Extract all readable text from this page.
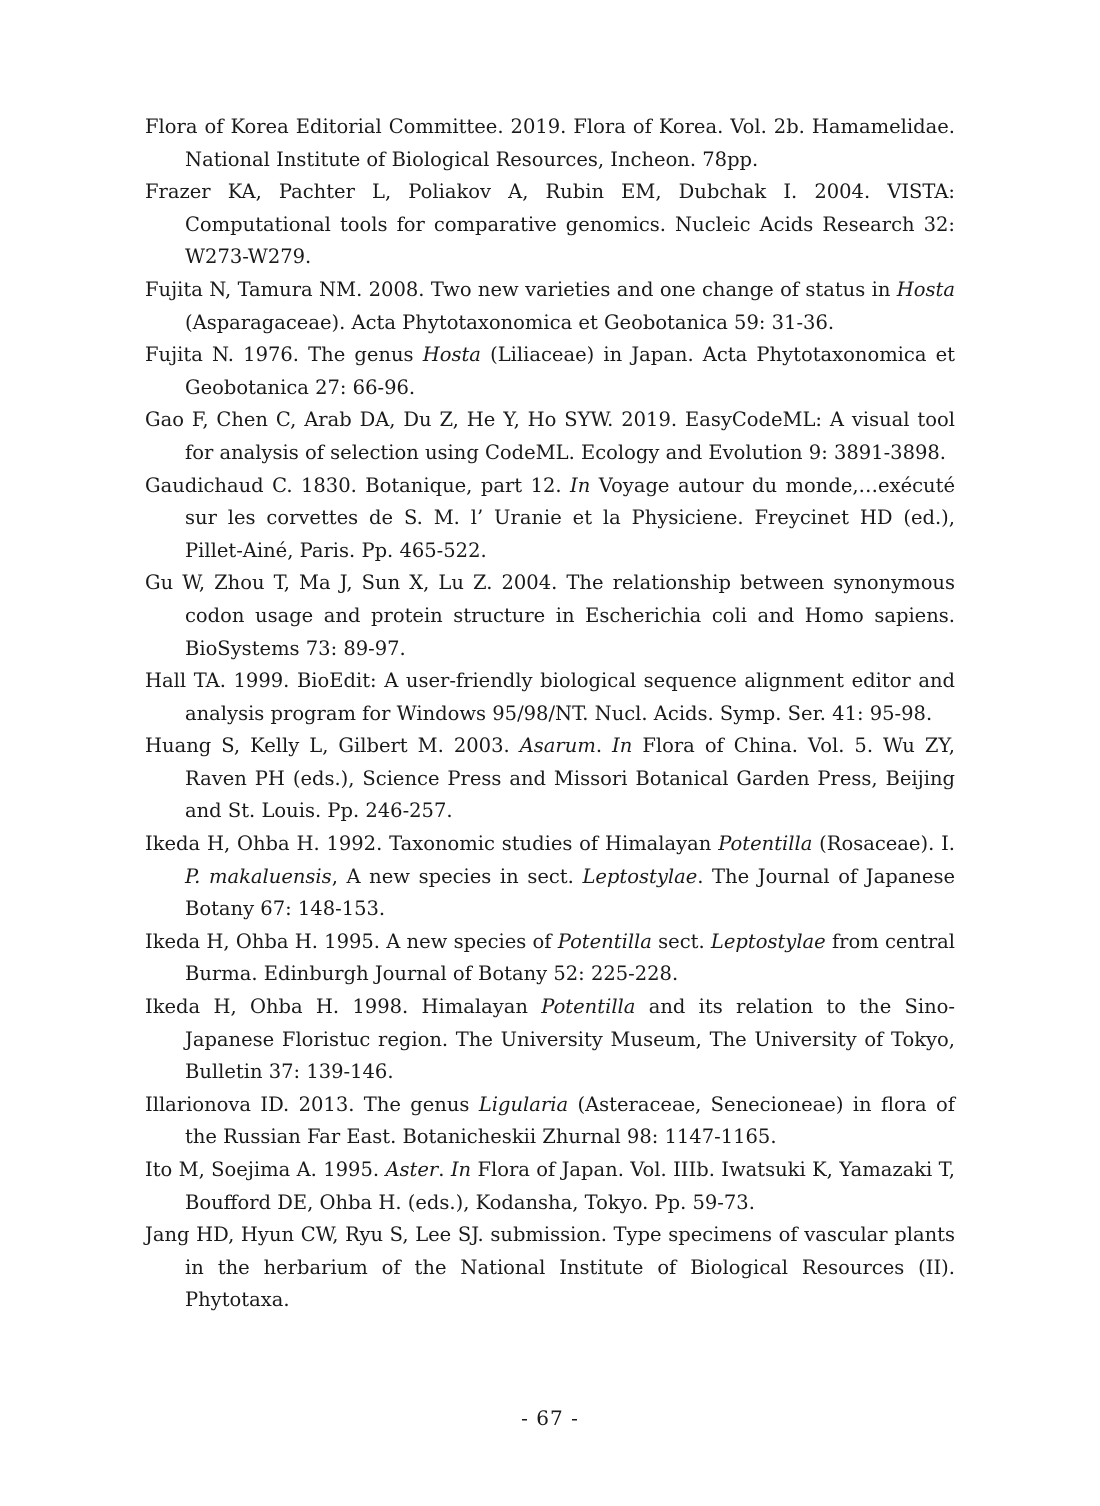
Flora of Korea Editorial Committee. 2019. Flora of Korea. Vol. 2b. Hamamelidae. National Institute of Biological Resources, Incheon. 78pp.

Frazer KA, Pachter L, Poliakov A, Rubin EM, Dubchak I. 2004. VISTA: Computational tools for comparative genomics. Nucleic Acids Research 32: W273-W279.

Fujita N, Tamura NM. 2008. Two new varieties and one change of status in Hosta (Asparagaceae). Acta Phytotaxonomica et Geobotanica 59: 31-36.

Fujita N. 1976. The genus Hosta (Liliaceae) in Japan. Acta Phytotaxonomica et Geobotanica 27: 66-96.

Gao F, Chen C, Arab DA, Du Z, He Y, Ho SYW. 2019. EasyCodeML: A visual tool for analysis of selection using CodeML. Ecology and Evolution 9: 3891-3898.

Gaudichaud C. 1830. Botanique, part 12. In Voyage autour du monde,…exécuté sur les corvettes de S. M. l’ Uranie et la Physiciene. Freycinet HD (ed.), Pillet-Ainé, Paris. Pp. 465-522.

Gu W, Zhou T, Ma J, Sun X, Lu Z. 2004. The relationship between synonymous codon usage and protein structure in Escherichia coli and Homo sapiens. BioSystems 73: 89-97.

Hall TA. 1999. BioEdit: A user-friendly biological sequence alignment editor and analysis program for Windows 95/98/NT. Nucl. Acids. Symp. Ser. 41: 95-98.

Huang S, Kelly L, Gilbert M. 2003. Asarum. In Flora of China. Vol. 5. Wu ZY, Raven PH (eds.), Science Press and Missori Botanical Garden Press, Beijing and St. Louis. Pp. 246-257.

Ikeda H, Ohba H. 1992. Taxonomic studies of Himalayan Potentilla (Rosaceae). I. P. makaluensis, A new species in sect. Leptostylae. The Journal of Japanese Botany 67: 148-153.

Ikeda H, Ohba H. 1995. A new species of Potentilla sect. Leptostylae from central Burma. Edinburgh Journal of Botany 52: 225-228.

Ikeda H, Ohba H. 1998. Himalayan Potentilla and its relation to the Sino-Japanese Floristuc region. The University Museum, The University of Tokyo, Bulletin 37: 139-146.

Illarionova ID. 2013. The genus Ligularia (Asteraceae, Senecioneae) in flora of the Russian Far East. Botanicheskii Zhurnal 98: 1147-1165.

Ito M, Soejima A. 1995. Aster. In Flora of Japan. Vol. IIIb. Iwatsuki K, Yamazaki T, Boufford DE, Ohba H. (eds.), Kodansha, Tokyo. Pp. 59-73.

Jang HD, Hyun CW, Ryu S, Lee SJ. submission. Type specimens of vascular plants in the herbarium of the National Institute of Biological Resources (II). Phytotaxa.

- 67 -
